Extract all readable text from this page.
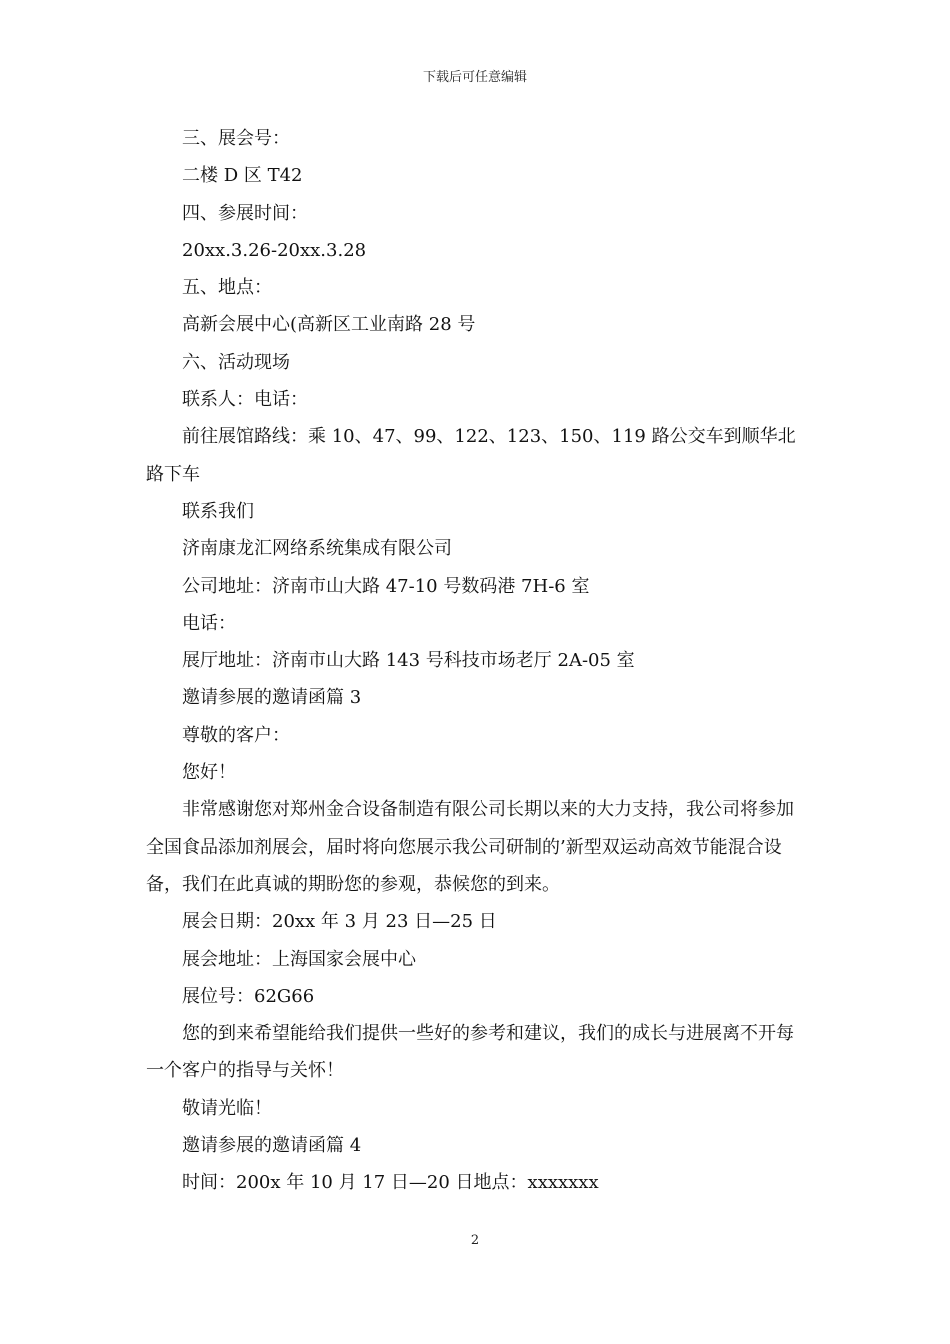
下载后可任意编辑

三、展会号：

二楼 D 区 T42

四、参展时间：

20xx.3.26-20xx.3.28

五、地点：

高新会展中心(高新区工业南路 28 号

六、活动现场

联系人：电话：

前往展馆路线：乘 10、47、99、122、123、150、119 路公交车到顺华北路下车

联系我们

济南康龙汇网络系统集成有限公司

公司地址：济南市山大路 47-10 号数码港 7H-6 室

电话：

展厅地址：济南市山大路 143 号科技市场老厅 2A-05 室

邀请参展的邀请函篇 3

尊敬的客户：

您好！

非常感谢您对郑州金合设备制造有限公司长期以来的大力支持，我公司将参加全国食品添加剂展会，届时将向您展示我公司研制的’新型双运动高效节能混合设备，我们在此真诚的期盼您的参观，恭候您的到来。

展会日期：20xx 年 3 月 23 日—25 日

展会地址：上海国家会展中心

展位号：62G66

您的到来希望能给我们提供一些好的参考和建议，我们的成长与进展离不开每一个客户的指导与关怀！

敬请光临！

邀请参展的邀请函篇 4

时间：200x 年 10 月 17 日—20 日地点：xxxxxxx

2
